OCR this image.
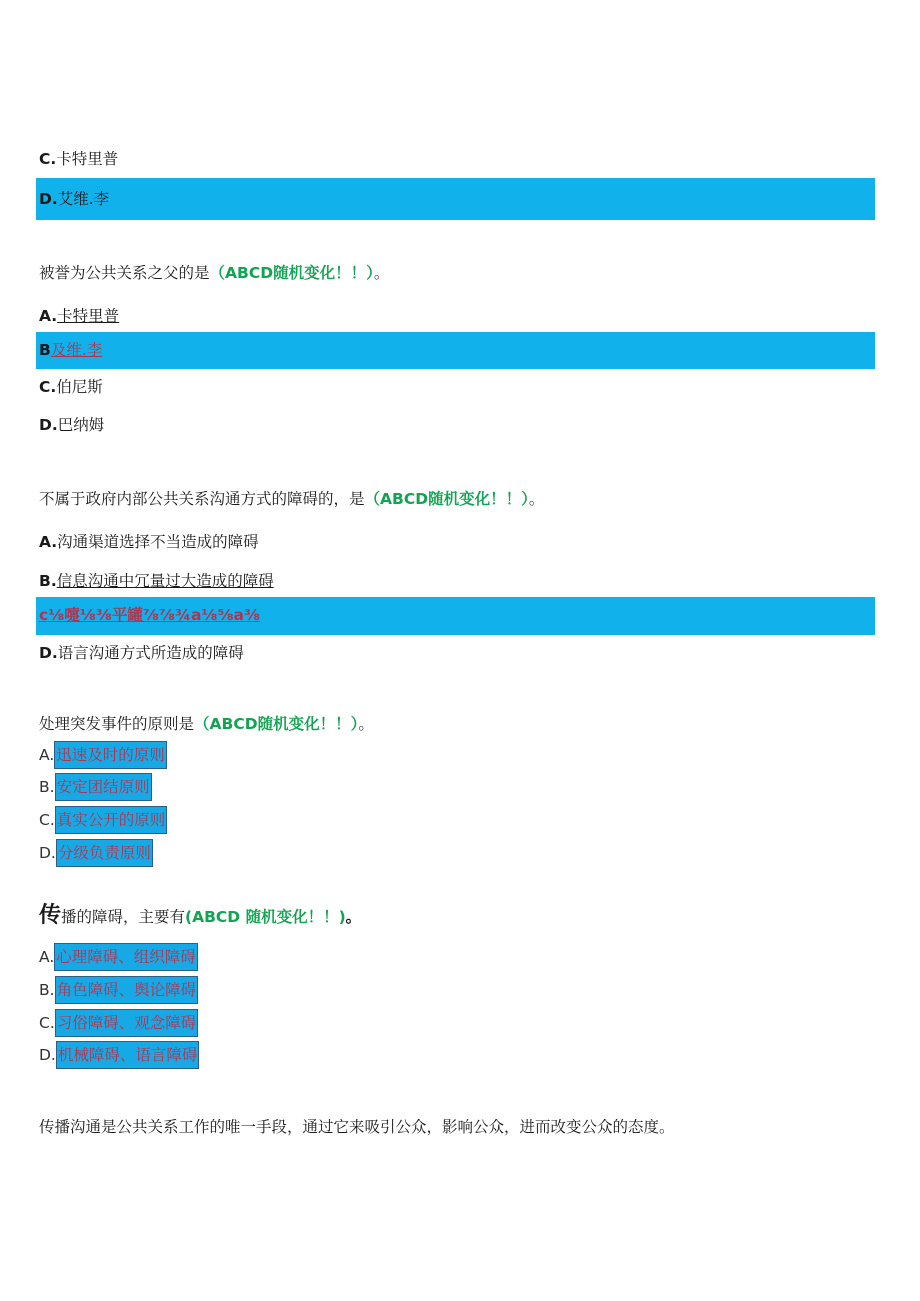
C.卡特里普
D.艾维.李
被誉为公共关系之父的是（ABCD随机变化！！）。
A.卡特里普
B及维.李
C.伯尼斯
D.巴纳姆
不属于政府内部公共关系沟通方式的障碍的，是（ABCD随机变化！！）。
A.沟通渠道选择不当造成的障碍
B.信息沟通中冗量过大造成的障碍
c⅛嚏⅛⅜平罐⅞⅞¾a⅛⅝a⅜
D.语言沟通方式所造成的障碍
处理突发事件的原则是（ABCD随机变化！！）。
A. 迅速及时的原则
B. 安定团结原则
C. 真实公开的原则
D. 分级负责原则
传播的障碍，主要有(ABCD 随机变化！！)。
A. 心理障碍、组织障碍
B. 角色障碍、舆论障碍
C. 习俗障碍、观念障碍
D. 机械障碍、语言障碍
传播沟通是公共关系工作的唯一手段，通过它来吸引公众，影响公众，进而改变公众的态度。
